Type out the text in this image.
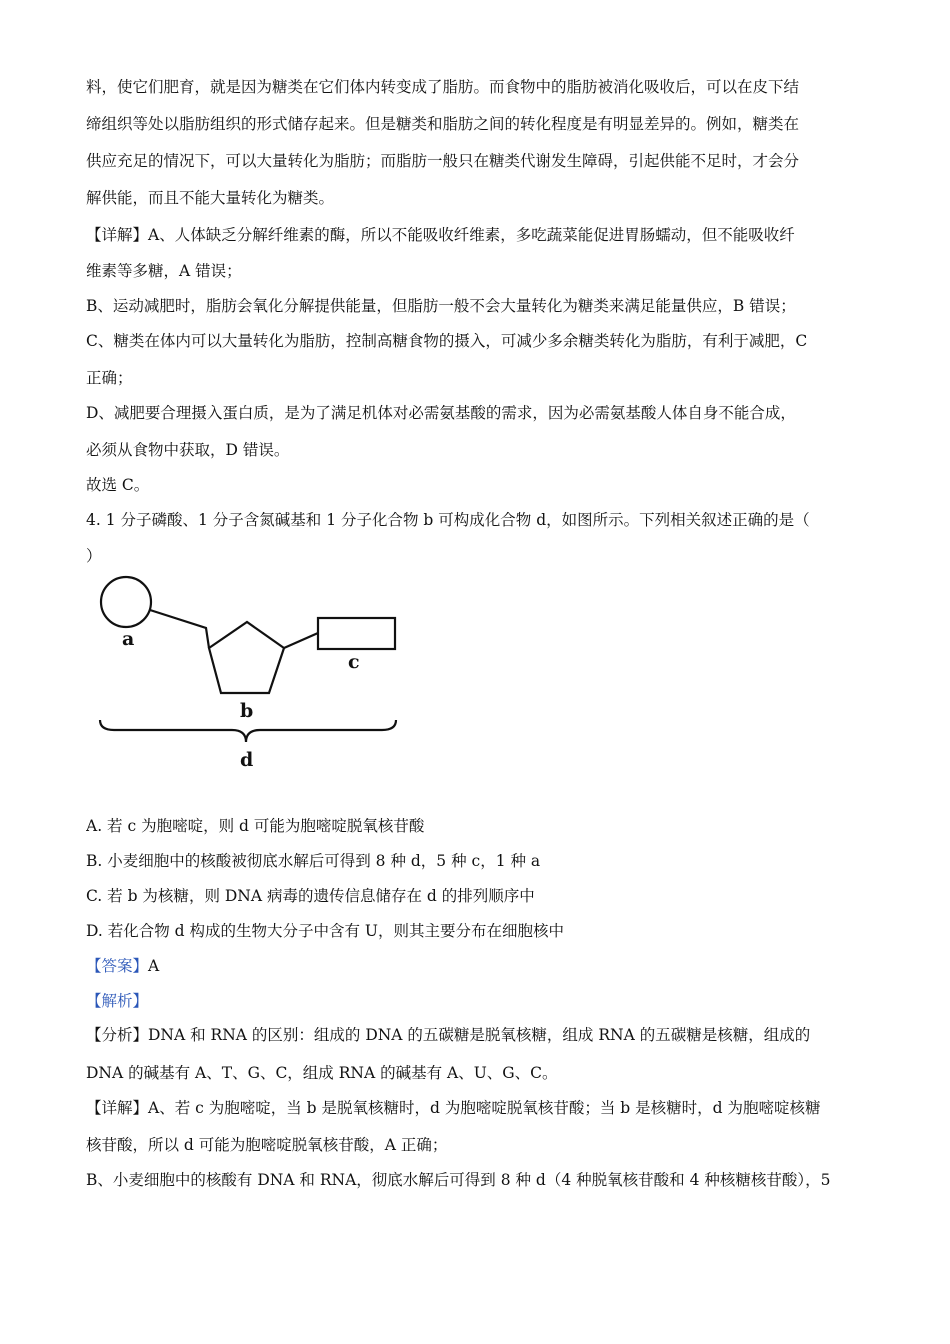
料，使它们肥育，就是因为糖类在它们体内转变成了脂肪。而食物中的脂肪被消化吸收后，可以在皮下结
缔组织等处以脂肪组织的形式储存起来。但是糖类和脂肪之间的转化程度是有明显差异的。例如，糖类在
供应充足的情况下，可以大量转化为脂肪；而脂肪一般只在糖类代谢发生障碍，引起供能不足时，才会分
解供能，而且不能大量转化为糖类。
【详解】A、人体缺乏分解纤维素的酶，所以不能吸收纤维素，多吃蔬菜能促进胃肠蠕动，但不能吸收纤
维素等多糖，A 错误；
B、运动减肥时，脂肪会氧化分解提供能量，但脂肪一般不会大量转化为糖类来满足能量供应，B 错误；
C、糖类在体内可以大量转化为脂肪，控制高糖食物的摄入，可减少多余糖类转化为脂肪，有利于减肥，C
正确；
D、减肥要合理摄入蛋白质，是为了满足机体对必需氨基酸的需求，因为必需氨基酸人体自身不能合成，
必须从食物中获取，D 错误。
故选 C。
4. 1 分子磷酸、1 分子含氮碱基和 1 分子化合物 b 可构成化合物 d，如图所示。下列相关叙述正确的是（
）
a
c
b
d
A. 若 c 为胞嘧啶，则 d 可能为胞嘧啶脱氧核苷酸
B. 小麦细胞中的核酸被彻底水解后可得到 8 种 d，5 种 c，1 种 a
C. 若 b 为核糖，则 DNA 病毒的遗传信息储存在 d 的排列顺序中
D. 若化合物 d 构成的生物大分子中含有 U，则其主要分布在细胞核中
【答案】A
【解析】
【分析】DNA 和 RNA 的区别：组成的 DNA 的五碳糖是脱氧核糖，组成 RNA 的五碳糖是核糖，组成的
DNA 的碱基有 A、T、G、C，组成 RNA 的碱基有 A、U、G、C。
【详解】A、若 c 为胞嘧啶，当 b 是脱氧核糖时，d 为胞嘧啶脱氧核苷酸；当 b 是核糖时，d 为胞嘧啶核糖
核苷酸，所以 d 可能为胞嘧啶脱氧核苷酸，A 正确；
B、小麦细胞中的核酸有 DNA 和 RNA，彻底水解后可得到 8 种 d（4 种脱氧核苷酸和 4 种核糖核苷酸），5
